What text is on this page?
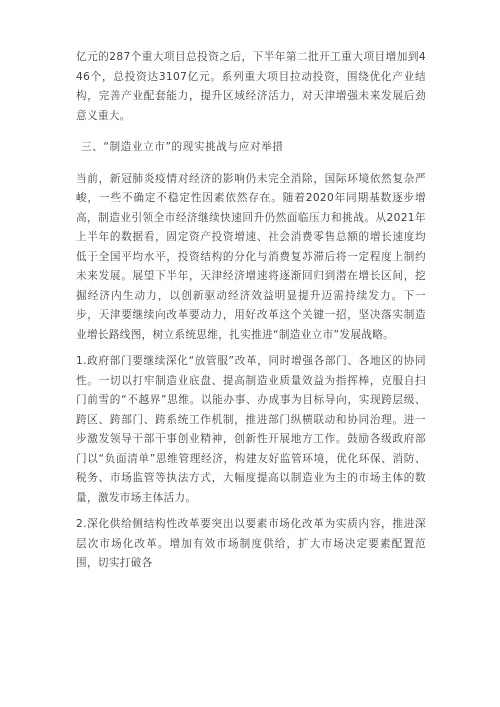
亿元的287个重大项目总投资之后，下半年第二批开工重大项目增加到446个，总投资达3107亿元。系列重大项目拉动投资，围绕优化产业结构，完善产业配套能力，提升区域经济活力，对天津增强未来发展后劲意义重大。

三、“制造业立市”的现实挑战与应对举措

当前，新冠肺炎疫情对经济的影响仍未完全消除，国际环境依然复杂严峻，一些不确定不稳定性因素依然存在。随着2020年同期基数逐步增高，制造业引领全市经济继续快速回升仍然面临压力和挑战。从2021年上半年的数据看，固定资产投资增速、社会消费零售总额的增长速度均低于全国平均水平，投资结构的分化与消费复苏滞后将一定程度上制约未来发展。展望下半年，天津经济增速将逐渐回归到潜在增长区间，挖掘经济内生动力，以创新驱动经济效益明显提升迈需持续发力。下一步，天津要继续向改革要动力，用好改革这个关键一招，坚决落实制造业增长路线图，树立系统思维，扎实推进“制造业立市”发展战略。

1.政府部门要继续深化“放管服”改革，同时增强各部门、各地区的协同性。一切以打牢制造业底盘、提高制造业质量效益为指挥棒，克服自扫门前雪的“不越界”思维。以能办事、办成事为目标导向，实现跨层级、跨区、跨部门、跨系统工作机制，推进部门纵横联动和协同治理。进一步激发领导干部干事创业精神，创新性开展地方工作。鼓励各级政府部门以“负面清单”思维管理经济，构建友好监管环境，优化环保、消防、税务、市场监管等执法方式，大幅度提高以制造业为主的市场主体的数量，激发市场主体活力。

2.深化供给侧结构性改革要突出以要素市场化改革为实质内容，推进深层次市场化改革。增加有效市场制度供给，扩大市场决定要素配置范围，切实打破各
